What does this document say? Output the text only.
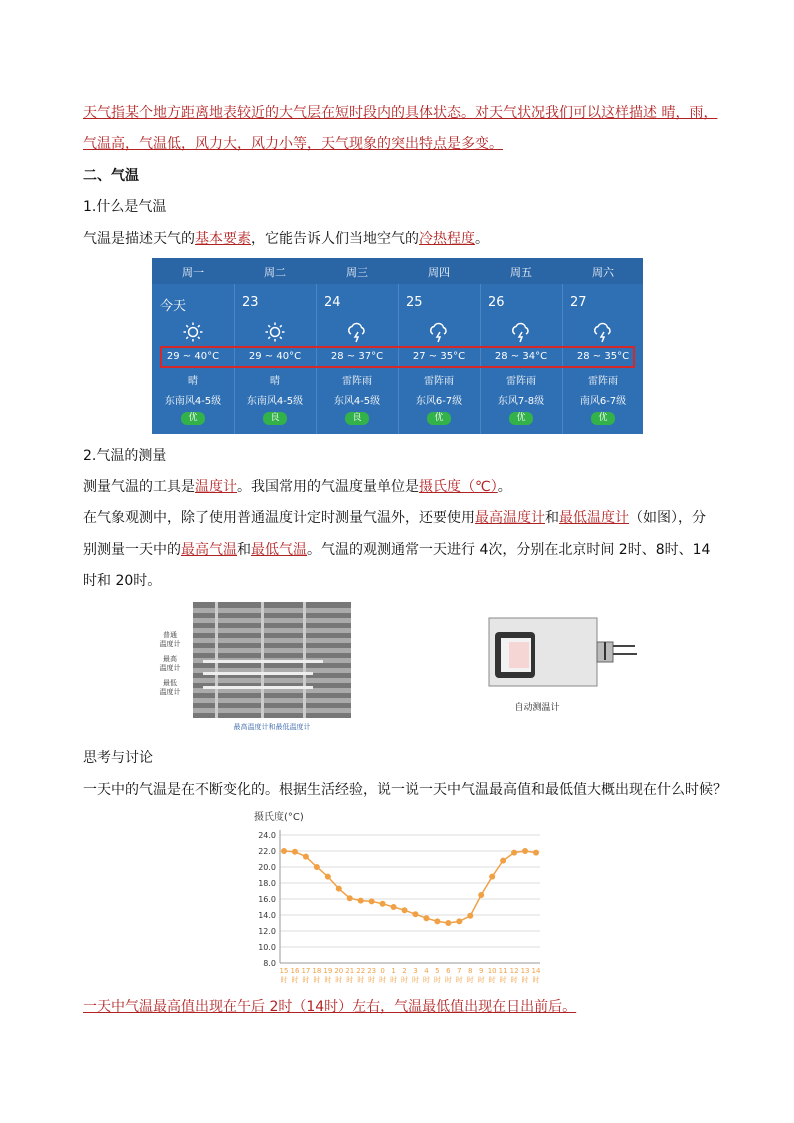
天气指某个地方距离地表较近的大气层在短时段内的具体状态。对天气状况我们可以这样描述 晴，雨，
气温高，气温低，风力大，风力小等，天气现象的突出特点是多变。
二、气温
1.什么是气温
气温是描述天气的基本要素，它能告诉人们当地空气的冷热程度。
周一
今天
29 ~ 40°C
晴
东南风4-5级
优
周二
23
29 ~ 40°C
晴
东南风4-5级
良
周三
24
28 ~ 37°C
雷阵雨
东风4-5级
良
周四
25
27 ~ 35°C
雷阵雨
东风6-7级
优
周五
26
28 ~ 34°C
雷阵雨
东风7-8级
优
周六
27
28 ~ 35°C
雷阵雨
南风6-7级
优
2.气温的测量
测量气温的工具是温度计。我国常用的气温度量单位是摄氏度（℃）。
在气象观测中，除了使用普通温度计定时测量气温外，还要使用最高温度计和最低温度计（如图），分
别测量一天中的最高气温和最低气温。气温的观测通常一天进行 4次，分别在北京时间 2时、8时、14
时和 20时。
普通
温度计
最高
温度计
最低
温度计
最高温度计和最低温度计
自动测温计
思考与讨论
一天中的气温是在不断变化的。根据生活经验，说一说一天中气温最高值和最低值大概出现在什么时候？
摄氏度(°C)
24.0
22.0
20.0
18.0
16.0
14.0
12.0
10.0
8.0
15
时
16
时
17
时
18
时
19
时
20
时
21
时
22
时
23
时
0
时
1
时
2
时
3
时
4
时
5
时
6
时
7
时
8
时
9
时
10
时
11
时
12
时
13
时
14
时
一天中气温最高值出现在午后 2时（14时）左右，气温最低值出现在日出前后。
